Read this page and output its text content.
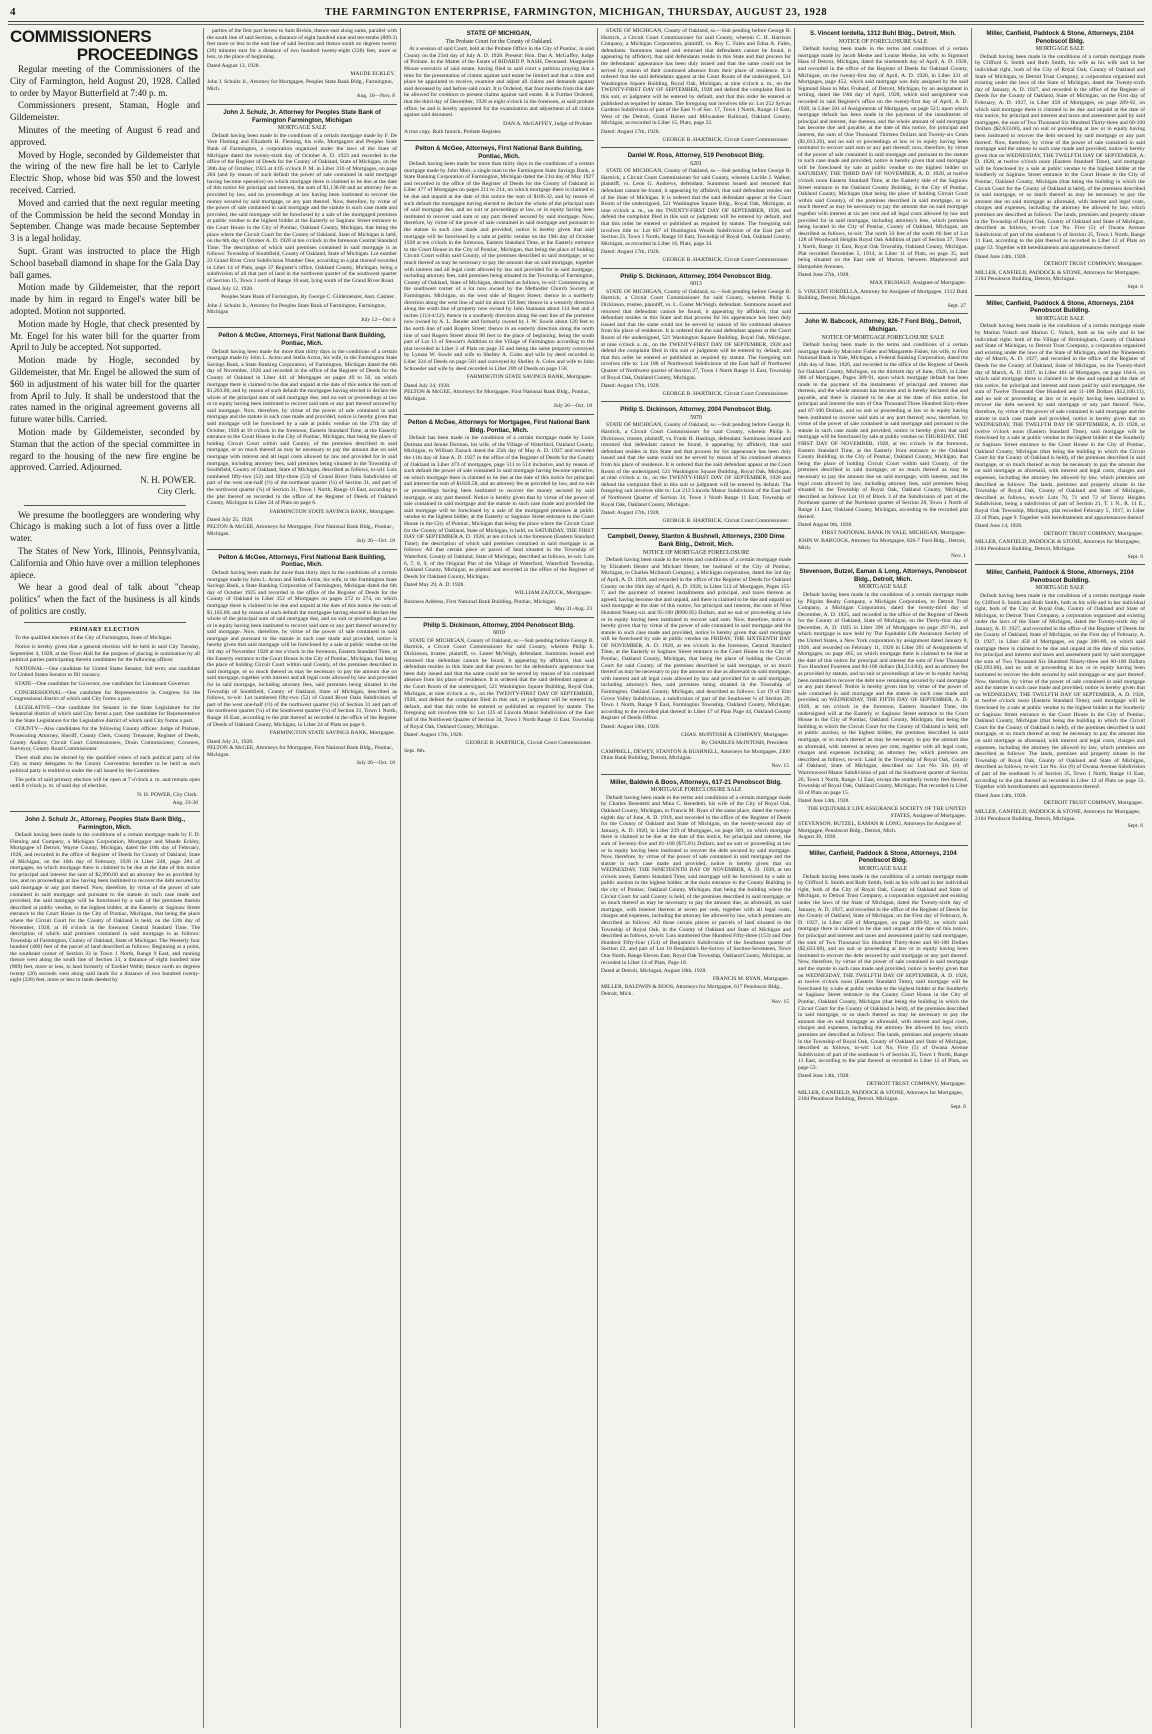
4	THE FARMINGTON ENTERPRISE, FARMINGTON, MICHIGAN, THURSDAY, AUGUST 23, 1928
COMMISSIONERS
PROCEEDINGS

Regular meeting of the Commissioners of the City of Farmington, held August 20, 1928. Called to order by Mayor Butterfield at 7:40 p. m.

Commissioners present, Staman, Hogle and Gildemeister.

Minutes of the meeting of August 6 read and approved.

Moved by Hogle, seconded by Gildemeister that the wiring of the new fire hall be let to Carlyle Electric Shop, whose bid was $50 and the lowest received. Carried.

Moved and carried that the next regular meeting of the Commission be held the second Monday in September. Change was made because September 3 is a legal holiday.

Supt. Grant was instructed to place the High School baseball diamond in shape for the Gala Day ball games.

Motion made by Gildemeister, that the report made by him in regard to Engel's water bill be adopted. Motion not supported.

Motion made by Hogle, that check presented by Mr. Engel for his water bill for the quarter from April to July be accepted. Not supported.

Motion made by Hogle, seconded by Gildemeister, that Mr. Engel be allowed the sum of $60 in adjustment of his water bill for the quarter from April to July. It shall be understood that the rates named in the original agreement governs all future water bills. Carried.

Motion made by Gildemeister, seconded by Staman that the action of the special committee in regard to the housing of the new fire engine be approved. Carried. Adjourned.

N. H. POWER.
City Clerk.

We presume the bootleggers are wondering why Chicago is making such a lot of fuss over a little water.

The States of New York, Illinois, Pennsylvania, California and Ohio have over a million telephones apiece.

We hear a good deal of talk about "cheap politics" when the fact of the business is all kinds of politics are costly.

PRIMARY ELECTION

To the qualified electors of the City of Farmington, State of Michigan.

Notice is hereby given that a general election will be held in said City Tuesday, September 4, 1928, at the Town Hall for the purpose of placing in nomination by all political parties participating therein candidates for the following offices:

NATIONAL—One candidate for United States Senator, full term; one candidate for United States Senator to fill vacancy.

STATE—One candidate for Governor, one candidate for Lieutenant Governor.

CONGRESSIONAL—One candidate for Representative in Congress for the Congressional district of which said City forms a part.

LEGISLATIVE—One candidate for Senator in the State Legislature for the Senatorial district of which said City forms a part. One candidate for Representative in the State Legislature for the Legislative district of which said City forms a part.

COUNTY—Also candidates for the following County offices: Judge of Probate, Prosecuting Attorney, Sheriff, County Clerk, County Treasurer, Register of Deeds, County Auditor, Circuit Court Commissioners, Drain Commissioner, Coroners, Surveyor, County Road Commissioner.

There shall also be elected by the qualified voters of each political party of the City as many delegates to the County Convention hereafter to be held as such political party is entitled to under the call issued by the Committee.

The polls of said primary election will be open at 7 o'clock a. m. and remain open until 8 o'clock p. m. of said day of election.

N. H. POWER, City Clerk.
Aug. 23-30
John J. Schulz Jr., Attorney, Peoples State Bank Bldg., Farmington, Mich.

Default having been made in the conditions of a certain mortgage made by F. D. Fleming and Company, a Michigan Corporation, Mortgagor and Maude Eckley, Mortgagee of Detroit, Wayne County, Michigan, dated the 10th day of February, 1928, and recorded in the office of Register of Deeds for County of Oakland, State of Michigan, on the 16th day of February, 1928 in Liber 248, page 284 of mortgages, on which mortgage there is claimed to be due at the date of this notice for principal and interest the sum of $2,990.60 and an attorney fee as provided by law, and no proceedings at law having been instituted to recover the debt secured by said mortgage or any part thereof. Now, therefore, by virtue of the power of sale contained in said mortgage and pursuant to the statute in such case made and provided, the said mortgage will be foreclosed by a sale of the premises therein described at public vendue, to the highest bidder, at the Easterly or Saginaw Street entrance to the Court House in the City of Pontiac, Michigan, that being the place where the Circuit Court for the County of Oakland is held, on the 12th day of November, 1928, at 10 o'clock in the forenoon Central Standard Time. The description of which said premises contained in said mortgage is as follows: Township of Farmington, County of Oakland, State of Michigan: The Westerly four hundred (400) feet of the parcel of land described as follows: Beginning at a point, the southeast corner of Section 33 in Town 1 North, Range 9 East, and running thence west along the south line of Section 33, a distance of eight hundred nine (809) feet, more or less, to land formerly of Ezekiel Webb; thence north no degrees twenty (20) seconds west along said lands for a distance of two hundred twenty-eight (228) feet, more or less to lands deeded by

parties of the first part hereto to Sam Rivkin, thence east along same, parallel with the south line of said Section, a distance of eight hundred nine and ten-tenths (809.3) feet more or less to the east line of said Section and thence south no degrees twenty (20) minutes east for a distance of two hundred twenty-eight (228) feet, more or less, to the place of beginning.

Dated August 13, 1928.
MAUDE ECKLEY.
John J. Schultz Jr., Attorney for Mortgagee, Peoples State Bank Bldg., Farmington, Mich.
Aug. 16—Nov. 8
John J. Schulz, Jr. Attorney for Peoples State Bank of Farmington Farmington, Michigan
MORTGAGE SALE

Default having been made in the conditions of a certain mortgage made by F. De Vere Fleming and Elizabeth H. Fleming, his wife, Mortgagors and Peoples State Bank of Farmington, a corporation organized under the laws of the State of Michigan dated the twenty-sixth day of October A. D. 1923 and recorded in the office of the Register of Deeds for the County of Oakland, State of Michigan, on the 30th day of October, 1923 at 4:05 o'clock P. M. in Liber 316 of Mortgages, on page 204 (and by reason of such default the power of sale contained in said mortgage having become operative) on which mortgage there is claimed to be due at the date of this notice for principal and interest, the sum of $1,138.60 and an attorney fee as provided by law, and no proceedings at law having been instituted to recover the money secured by said mortgage, or any part thereof. Now, therefore, by virtue of the power of sale contained in said mortgage and the statute in such case made and provided, the said mortgage will be foreclosed by a sale of the mortgaged premises at public vendue to the highest bidder at the Easterly or Saginaw Street entrance to the Court House in the City of Pontiac, Oakland County, Michigan, that being the place where the Circuit Court for the County of Oakland, State of Michigan is held, on the 6th day of October A. D. 1928 at ten o'clock in the forenoon Central Standard Time. The description of which said premises contained in said mortgage is as follows: Township of Southfield, County of Oakland, State of Michigan. Lot number 23 Grand River Crest Subdivision Number One, according to a plat thereof recorded in Liber 14 of Plats, page 37 Register's office, Oakland County, Michigan, being a subdivision of all that part of land in the northwest quarter of the southwest quarter of Section 15, Town 1 north of Range 10 east, lying south of the Grand River Road.

Dated July 12, 1928.
Peoples State Bank of Farmington, By George C. Gildemeister, Asst. Cashier.
John J. Schultz Jr., Attorney for Peoples State Bank of Farmington, Farmington, Michigan
July 12—Oct 4
Pelton & McGee, Attorneys, First National Bank Building, Pontiac, Mich.

Default having been made for more than thirty days in the conditions of a certain mortgage made by John L. Acton and Stella Acton, his wife, to the Farmington State Savings Bank, a State Banking Corporation, of Farmington, Michigan dated the 6th day of November, 1926 and recorded in the office of the Register of Deeds for the County of Oakland in Liber 441 of Mortgages on pages 49 to 50, on which mortgage there is claimed to be due and unpaid at the date of this notice the sum of $1,203.00, and by reason of such default the mortgagee having elected to declare the whole of the principal sum of said mortgage due, and no suit or proceedings at law or in equity having been instituted to recover said sum or any part thereof secured by said mortgage. Now, therefore, by virtue of the power of sale contained in said mortgage and the statute in such case made and provided, notice is hereby given that said mortgage will be foreclosed by a sale at public vendue on the 27th day of October, 1928 at 10 o'clock in the forenoon, Eastern Standard Time, at the Easterly entrance to the Court House in the City of Pontiac, Michigan, that being the place of holding Circuit Court within said County, of the premises described in said mortgage, or so much thereof as may be necessary to pay the amount due on said mortgage with interest and all legal costs allowed by law and provided for in said mortgage, including attorney fees, said premises being situated in the Township of Southfield, County of Oakland, State of Michigan, described as follows, to-wit: Lots numbered fifty-two (52) and fifty-three (53) of Grand River Oaks Subdivision of part of the west one-half (½) of the northeast quarter (¼) of Section 31, and part of the northwest quarter (¼) of Section 31, Town 1 North, Range 10 East, according to the plat thereof as recorded in the office of the Register of Deeds of Oakland County, Michigan in Liber 24 of Plats on page 6.

FARMINGTON STATE SAVINGS BANK, Mortgagee.
Dated July 25, 1928.
PELTON & McGEE, Attorneys for Mortgagee, First National Bank Bldg., Pontiac, Michigan.
July 26—Oct. 18
Pelton & McGee, Attorneys, First National Bank Building, Pontiac, Mich.

Default having been made for more than thirty days in the conditions of a certain mortgage made by John L. Acton and Stella Acton, his wife, to the Farmington State Savings Bank, a State Banking Corporation of Farmington, Michigan dated the 6th day of October 1925 and recorded in the office of the Register of Deeds for the County of Oakland in Liber 352 of Mortgages on pages 272 to 274, on which mortgage there is claimed to be due and unpaid at the date of this notice the sum of $1,105.00, and by reason of such default the mortgagee having elected to declare the whole of the principal sum of said mortgage due, and no suit or proceedings at law or in equity having been instituted to recover said sum or any part thereof secured by said mortgage. Now, therefore, by virtue of the power of sale contained in said mortgage and pursuant to the statute in such case made and provided, notice is hereby given that said mortgage will be foreclosed by a sale at public vendue on the 3rd day of November 1928 at ten o'clock in the forenoon, Eastern Standard Time, at the Easterly entrance to the Court House in the City of Pontiac, Michigan, that being the place of holding Circuit Court within said County, of the premises described in said mortgage, or so much thereof as may be necessary to pay the amount due on said mortgage, together with interest and all legal costs allowed by law and provided for in said mortgage, including attorney fees, said premises being situated in the Township of Southfield, County of Oakland, State of Michigan, described as follows, to-wit: Lot numbered fifty-two (52) of Grand River Oaks Subdivision of part of the west one-half (½) of the northwest quarter (¼) of Section 31 and part of the northwest quarter (¼) of the Southwest quarter (¼) of Section 31, Town 1 North, Range 10 East, according to the plat thereof as recorded in the office of the Register of Deeds of Oakland County, Michigan, in Liber 24 of Plats on page 6.

FARMINGTON STATE SAVINGS BANK, Mortgagee.
Dated July 21, 1928.
PELTON & McGEE, Attorneys for Mortgagee, First National Bank Bldg., Pontiac, Michigan.
July 26—Oct. 18
STATE OF MICHIGAN,
The Probate Court for the County of Oakland.

At a session of said Court, held at the Probate Office in the City of Pontiac, in said County on the 23rd day of July A. D. 1928. Present: Hon. Dan A. McGaffey, Judge of Probate. In the Matter of the Estate of RIDARD P. NASH, Deceased. Marguerite Moore executrix of said estate, having filed in said court a petition praying that a time for the presentation of claims against said estate be limited and that a time and place be appointed to receive, examine and adjust all claims and demands against said deceased by and before said court. It is Ordered, that four months from this date be allowed for creditors to present claims against said estate. It is Further Ordered, that the third day of December, 1928 at eight o'clock in the forenoon, at said probate office, be and is hereby appointed for the examination and adjustment of all claims against said deceased.

DAN A. McGAFFEY, Judge of Probate
A true copy. Ruth Inmick, Probate Register.
Pelton & McGee, Attorneys, First National Bank Building, Pontiac, Mich.

Default having been made for more than thirty days in the conditions of a certain mortgage made by John Moir, a single man to the Farmington State Savings Bank, a State Banking Corporation of Farmington, Michigan dated the 21st day of May 1927 and recorded in the office of the Register of Deeds for the County of Oakland in Liber 477 of Mortgages on pages 211 to 214, on which mortgage there is claimed to be due and unpaid at the date of this notice the sum of $166.32, and by reason of such default the mortgagee having elected to declare the whole of the principal sum of said mortgage due, and no suit or proceedings at law, or in equity having been instituted to recover said sum or any part thereof secured by said mortgage. Now, therefore, by virtue of the power of sale contained in said mortgage and pursuant to the statute in such case made and provided, notice is hereby given that said mortgage will be foreclosed by a sale at public vendue on the 19th day of October 1928 at ten o'clock in the forenoon, Eastern Standard Time, at the Easterly entrance to the Court House in the City of Pontiac, Michigan, that being the place of holding Circuit Court within said County, of the premises described in said mortgage, or so much thereof as may be necessary to pay the amount due on said mortgage, together with interest and all legal costs allowed by law and provided for in said mortgage, including attorney fees, said premises being situated in the Township of Farmington, County of Oakland, State of Michigan, described as follows, to-wit: Commencing at the southwest corner of a lot now owned by the Methodist Church Society of Farmington, Michigan, on the west side of Rogers Street; thence in a northerly direction along the west line of said lot about 150 feet; thence in a westerly direction along the south line of property now owned by John Stamann about 114 feet and 4 inches (114-4/12); thence in a southerly direction along the east line of the premises now owned by A. L. Beuder and formerly owned by J. W. Sowle about 120 feet to the north line of said Rogers Street; thence in an easterly direction along the north line of said Rogers Street about 98 feet to the place of beginning, being the south part of Lot 13 of Stewart's Addition to the Village of Farmington according to the plat recorded in Liber 2 of Plats on page 35 and being the same property conveyed by Lyman W. Sowle and wife to Shelley A. Coles and wife by deed recorded in Liber 324 of Deeds on page 581 and conveyed by Shelley A. Coles and wife to John Schroeder and wife by deed recorded in Liber 289 of Deeds on page 158.

FARMINGTON STATE SAVINGS BANK, Mortgagee.
Dated July 24, 1928.
PELTON & McGEE, Attorneys for Mortgagee, First National Bank Bldg., Pontiac, Michigan.
July 26—Oct. 18
Pelton & McGee, Attorneys for Mortgagee, First National Bank Bldg. Pontiac, Mich.

Default has been made in the conditions of a certain mortgage made by Louis Dorman and Jennie Dorman, his wife, of the Village of Waterford, Oakland County, Michigan, to William Zazuck dated the 25th day of May A. D. 1927 and recorded the 11th day of June A. D. 1927 in the office of the Register of Deeds for the County of Oakland in Liber 473 of mortgages, page 511 to 514 inclusive, and by reason of such default the power of sale contained in said mortgage having become operative, on which mortgage there is claimed to be due at the date of this notice for principal and interest the sum of $1826.58, and an attorney fee as provided by law, and no suit or proceedings having been instituted to recover the money secured by said mortgage, or any part thereof. Notice is hereby given that by virtue of the power of sale contained in said mortgage and the statute in such case made and provided the said mortgage will be foreclosed by a sale of the mortgaged premises at public vendue to the highest bidder, at the Easterly or Saginaw Street entrance to the Court House in the City of Pontiac, Michigan that being the place where the Circuit Court for the County of Oakland, State of Michigan, is held, on SATURDAY, THE FIRST DAY OF SEPTEMBER A. D. 1928, at ten o'clock in the forenoon (Eastern Standard Time); the description of which said premises contained in said mortgage is as follows: All that certain piece or parcel of land situated in the Township of Waterford, County of Oakland, State of Michigan, described as follows, to-wit: Lots 6, 7, 8, 9, of the Original Plat of the Village of Waterford, Waterford Township, Oakland County, Michigan, as platted and recorded in the office of the Register of Deeds for Oakland County, Michigan.

Dated May 29, A. D. 1928.
WILLIAM ZAZUCK, Mortgagee.
Business Address, First National Bank Building, Pontiac, Michigan.
May 31-Aug. 23
Philip S. Dickinson, Attorney, 2004 Penobscot Bldg.
6010

STATE OF MICHIGAN, County of Oakland, ss.—Suit pending before George B. Hartrick, a Circuit Court Commissioner for said County, wherein Philip S. Dickinson, trustee, plaintiff, vs. Lester McVeigh, defendant. Summons issued and returned that defendant cannot be found, it appearing by affidavit, that said defendant resides in this State and that process for the defendant's appearance has been duly issued and that the same could not be served by reason of his continued absence from his place of residence. It is ordered that the said defendant appear at the Court Room of the undersigned, 521 Washington Square Building, Royal Oak, Michigan, at nine o'clock a. m., on the TWENTY-FIRST DAY OF SEPTEMBER, 1928, and defend the complaint filed in this suit, or judgment will be entered by default, and that this order be entered or published as required by statute. The foregoing suit involves title to: Lot 125 of Lincoln Manor Subdivision of the East half of the Northwest Quarter of Section 34, Town 1 North Range 11 East, Township of Royal Oak, Oakland County, Michigan.

Dated: August 17th, 1928.
GEORGE B. HARTRICK, Circuit Court Commissioner.
Sept. 6th.

STATE OF MICHIGAN, County of Oakland, ss.—Suit pending before George B. Hartrick, a Circuit Court Commissioner for said County, wherein C. H. Harrison Company, a Michigan Corporation, plaintiff, vs. Roy C. Fales and Edna A. Fales, defendants. Summons issued and returned that defendants cannot be found, it appearing by affidavit, that said defendants reside in this State and that process for the defendants' appearance has been duly issued and that the same could not be served by reason of their continued absence from their place of residence. It is ordered that the said defendants appear at the Court Room of the undersigned, 521 Washington Square Building, Royal Oak, Michigan, at nine o'clock a. m., on the TWENTY-FIRST DAY OF SEPTEMBER, 1928 and defend the complaint filed in this suit, or judgment will be entered by default, and that this order be entered or published as required by statute. The foregoing suit involves title to: Lot 252 Sylvan Gardens Subdivision of part of the East ½ of Sec. 17, Town 1 North, Range 11 East, West of the Detroit, Grand Haven and Milwaukee Railroad, Oakland County, Michigan, as recorded in Liber 15, Plats, page 22.

Dated: August 17th, 1928.
GEORGE B. HARTRICK, Circuit Court Commissioner.
Daniel W. Ross, Attorney, 519 Penobscot Bldg.
6201

STATE OF MICHIGAN, County of Oakland, ss.—Suit pending before George B. Hartrick, a Circuit Court Commissioner for said County, wherein Lucille J. Walker, plaintiff, vs. Leon G. Andrews, defendant. Summons issued and returned that defendant cannot be found, it appearing by affidavit, that said defendant resides out of the State of Michigan. It is ordered that the said defendant appear at the Court Room of the undersigned, 521 Washington Square Bldg., Royal Oak, Michigan, at nine o'clock a. m., on the TWENTY-FIRST DAY OF SEPTEMBER, 1928, and defend the complaint filed in this suit or judgment will be entered by default, and that this order be entered or published as required by statute. The foregoing suit involves title to: Lot 667 of Huntington Woods Subdivision of the East part of Section 23, Town 1 North, Range 10 East, Township of Royal Oak, Oakland County, Michigan, as recorded in Liber 16, Plats, page 34.

Dated: August 17th, 1928.
GEORGE B. HARTRICK, Circuit Court Commissioner.
Philip S. Dickinson, Attorney, 2004 Penobscot Bldg.
6013

STATE OF MICHIGAN, County of Oakland, ss.—Suit pending before George B. Hartrick, a Circuit Court Commissioner for said County, wherein Philip S. Dickinson, trustee, plaintiff, vs. L. Coster McVeigh, defendant. Summons issued and returned that defendant cannot be found, it appearing by affidavit, that said defendant resides in this State and that process for his appearance has been duly issued and that the same could not be served by reason of his continued absence from his place of residence. It is ordered that the said defendant appear at the Court Room of the undersigned, 521 Washington Square Building, Royal Oak, Michigan, at nine o'clock a. m., on the TWENTY-FIRST DAY OF SEPTEMBER, 1928 and defend the complaint filed in this suit or judgment will be entered by default, and that this order be entered or published as required by statute. The foregoing suit involves title to: Lot 188 of Northwood Subdivision of the East half of Northwest Quarter of Northwest quarter of Section 27, Town 1 North Range 11 East, Township of Royal Oak, Oakland County, Michigan.

Dated: August 17th, 1928.
GEORGE B. HARTRICK, Circuit Court Commissioner.
Philip S. Dickinson, Attorney, 2004 Penobscot Bldg.
5970

STATE OF MICHIGAN, County of Oakland, ss.—Suit pending before George B. Hartrick, a Circuit Court Commissioner for said County, wherein Philip S. Dickinson, trustee, plaintiff, vs. Frank H. Hastings, defendant. Summons issued and returned that defendant cannot be found, it appearing by affidavit, that said defendant resides in this State and that process for his appearance has been duly issued and that the same could not be served by reason of his continued absence from his place of residence. It is ordered that the said defendant appear at the Court Room of the undersigned, 521 Washington Square Building, Royal Oak, Michigan, at nine o'clock a. m., on the TWENTY-FIRST DAY OF SEPTEMBER, 1928 and defend the complaint filed in this suit or judgment will be entered by default. The foregoing suit involves title to: Lot 213 Lincoln Manor Subdivision of the East half of Northwest Quarter of Section 34, Town 1 North Range 11 East, Township of Royal Oak, Oakland County, Michigan.

Dated: August 17th, 1928.
GEORGE B. HARTRICK, Circuit Court Commissioner.
Campbell, Dewey, Stanton & Bushnell, Attorneys, 2300 Dime Bank Bldg., Detroit, Mich.
NOTICE OF MORTGAGE FORECLOSURE

Default having been made in the terms and conditions of a certain mortgage made by Elizabeth Hester and Michael Hester, her husband of the City of Pontiac, Michigan, to Charles McIntosh Company, a Michigan corporation, dated the 3rd day of April, A. D. 1928, and recorded in the office of the Register of Deeds for Oakland County on the 16th day of April, A. D. 1928, in Liber 512 of Mortgages, Pages 155-7, and the payment of interest installments and principal, and taxes thereon as agreed, having become due and unpaid, and there is claimed to be due and unpaid on said mortgage at the date of this notice, for principal and interest, the sum of Nine Hundred Ninety-six and 95-100 ($996.95) Dollars, and no suit or proceeding at law or in equity having been instituted to recover said sum. Now, therefore, notice is hereby given that by virtue of the power of sale contained in said mortgage and the statute in such case made and provided, notice is hereby given that said mortgage will be foreclosed by sale at public vendue on FRIDAY, THE SIXTEENTH DAY OF NOVEMBER, A. D. 1928, at ten o'clock in the forenoon, Central Standard Time, at the Easterly or Saginaw Street entrance to the Court House in the City of Pontiac, Oakland County, Michigan, that being the place of holding the Circuit Court for said County, of the premises described in said mortgage, or so much thereof as may be necessary to pay the amount so due as aforesaid on said mortgage, with interest and all legal costs allowed by law and provided for in said mortgage, including attorney's fees, said premises being situated in the Township of Farmington, Oakland County, Michigan, and described as follows: Lot 19 of Elm Grove Valley Subdivision, a subdivision of part of the Southwest ¼ of Section 29, Town 1 North, Range 9 East, Farmington Township, Oakland County, Michigan, according to the recorded plat thereof in Liber 17 of Plats Page 44, Oakland County Register of Deeds Office.

Dated: August 18th, 1928.
CHAS. McINTOSH & COMPANY, Mortgagee.
By CHARLES McINTOSH, President.
CAMPBELL, DEWEY, STANTON & BUSHNELL, Attorneys for Mortgagee, 2300 Dime Bank Building, Detroit, Michigan.
Nov. 15
Miller, Baldwin & Boos, Attorneys, 617-21 Penobscot Bldg.
MORTGAGE FORECLOSURE SALE

Default having been made in the terms and conditions of a certain mortgage made by Charles Benedetti and Mina C. Benedetti, his wife of the City of Royal Oak, Oakland County, Michigan, to Francis M. Ryan of the same place, dated the twenty-eighth day of June, A. D. 1919, and recorded in the office of the Register of Deeds for the County of Oakland and State of Michigan, on the twenty-second day of January, A. D. 1920, in Liber 239 of Mortgages, on page 309, on which mortgage there is claimed to be due at the date of this notice, for principal and interest, the sum of Seventy-five and 81-100 ($75.81) Dollars, and no suit or proceeding at law or in equity having been instituted to recover the debt secured by said mortgage. Now, therefore, by virtue of the power of sale contained in said mortgage and the statute in such case made and provided, notice is hereby given that on WEDNESDAY, THE NINETEENTH DAY OF NOVEMBER, A. D. 1928, at ten o'clock noon, Eastern Standard Time, said mortgage will be foreclosed by a sale at public auction to the highest bidder, at the main entrance to the County Building in the city of Pontiac, Oakland County, Michigan, that being the building where the Circuit Court for said County is held, of the premises described in said mortgage, or so much thereof as may be necessary to pay the amount due, as aforesaid, on said mortgage, with interest thereon at seven per cent, together with all legal costs, charges and expenses, including the attorney fee allowed by law, which premises are described as follows: All those certain pieces or parcels of land situated in the Township of Royal Oak, in the County of Oakland and State of Michigan and described as follows, to-wit: Lots numbered One Hundred Fifty-three (153) and One Hundred Fifty-four (154) of Benjamin's Subdivision of the Southeast quarter of Section 22, and part of Lot 10 Benjamin's Re-Survey of Section-Seventeen, Town One North, Range Eleven East, Royal Oak Township, Oakland County, Michigan, as recorded in Liber 14 of Plats, Page 18.

Dated at Detroit, Michigan, August 18th, 1928.
FRANCIS M. RYAN, Mortgagee.
MILLER, BALDWIN & BOOS, Attorneys for Mortgagee, 617 Penobscot Bldg., Detroit, Mich.
Nov. 15
S. Vincent Iordella, 1312 Buhl Bldg., Detroit, Mich.
NOTICE OF FORECLOSURE SALE

Default having been made in the terms and conditions of a certain mortgage made by Jacob Meske and Louise Meske, his wife, to Sigmund Hass of Detroit, Michigan, dated the nineteenth day of April, A. D. 1928, and recorded in the office of the Register of Deeds for Oakland County, Michigan, on the twenty-first day of April, A. D. 1928, in Liber 331 of Mortgages, page 452, which said mortgage was duly assigned by the said Sigmund Hass to Max Fruhauf, of Detroit, Michigan, by an assignment in writing, dated the 19th day of April, 1928, which said assignment was recorded in said Register's office on the twenty-first day of April, A. D. 1928, in Liber 501 of Assignments of Mortgages, on page 521; upon which mortgage default has been made in the payment of the instalments of principal and interest, due thereon, and the whole amount of said mortgage has become due and payable, at the date of this notice, for principal and interest, the sum of One Thousand Thirteen Dollars and Twenty-six Cents ($1,013.26), and no suit or proceedings at law or in equity having been instituted to recover said sum or any part thereof; now, therefore, by virtue of the power of sale contained in said mortgage and pursuant to the statute in such case made and provided, notice is hereby given that said mortgage will be foreclosed by sale at public vendue to the highest bidder on SATURDAY, THE THIRD DAY OF NOVEMBER, A. D. 1928, at twelve o'clock noon Eastern Standard Time, at the Easterly side of the Saginaw Street entrance to the Oakland County Building, in the City of Pontiac, Oakland County, Michigan (that being the place of holding Circuit Court within said County), of the premises described in said mortgage, or so much thereof as may be necessary to pay the amount due on said mortgage together with interest at six per cent and all legal costs allowed by law and provided for in said mortgage, including attorney's fees, which premises being located in the City of Pontiac, County of Oakland, Michigan, are described as follows, to-wit: The north 33 feet of the south 66 feet of Lot 128 of Woodward Heights Royal Oak Addition of part of Section 27, Town 1 North, Range 11 East, Royal Oak Township, Oakland County, Michigan. Plat recorded December 5, 1914, in Liber 11 of Plats, on page 35, and being situated on the East side of Morton, between Maplewood and Hampshire Avenues.

Dated June 27th, 1928.
MAX FRUHAUF, Assignee of Mortgagee.
S. VINCENT IORDELLA, Attorney for Assignee of Mortgagee, 1312 Buhl Building, Detroit, Michigan.
Sept. 27
John W. Babcock, Attorney, 826-7 Ford Bldg., Detroit, Michigan.
NOTICE OF MORTGAGE FORECLOSURE SALE

Default having been made in the terms and conditions of a certain mortgage made by Malcolm Fisher and Margarette Fisher, his wife, to First National Bank in Yale, Michigan, a Federal Banking Corporation, dated the 16th day of June, 1926, and recorded in the office of the Register of Deeds for Oakland County, Michigan, on the thirtieth day of June, 1926, in Liber 386 of Mortgages, Pages 389-91, upon which mortgage default has been made in the payment of the instalments of principal and interest due thereon, and the whole amount has become and is hereby declared due and payable, and there is claimed to be due at the date of this notice, for principal and interest the sum of One Thousand Three Hundred Sixty-three and 67-100 Dollars, and no suit or proceeding at law or in equity having been instituted to recover said sum or any part thereof; now, therefore, by virtue of the power of sale contained in said mortgage and pursuant to the statute in such case made and provided, notice is hereby given that said mortgage will be foreclosed by sale at public vendue on THURSDAY, THE FIRST DAY OF NOVEMBER, 1928, at ten o'clock in the forenoon, Eastern Standard Time, at the Easterly front entrance to the Oakland County Building, in the City of Pontiac, Oakland County, Michigan, that being the place of holding Circuit Court within said County, of the premises described in said mortgage, or so much thereof as may be necessary to pay the amount due on said mortgage, with interest, and the legal costs allowed by law, including attorney fees, said premises being situated in the Township of Royal Oak, Oakland County, Michigan, described as follows: Lot 10 of Block 3 of the Subdivision of part of the Northeast quarter of the Northeast quarter of Section 28, Town 1 North of Range 11 East, Oakland County, Michigan, according to the recorded plat thereof.

Dated August 9th, 1928.
FIRST NATIONAL BANK IN YALE, MICHIGAN, Mortgagee.
JOHN W. BABCOCK, Attorney for Mortgagee, 826-7 Ford Bldg., Detroit, Mich.
Nov. 1
Stevenson, Butzel, Eaman & Long, Attorneys, Penobscot Bldg., Detroit, Mich.
MORTGAGE SALE

Default having been made in the conditions of a certain mortgage made by Pilgrim Realty Company, a Michigan Corporation, to Detroit Trust Company, a Michigan Corporation, dated the twenty-third day of December, A. D. 1925, and recorded in the office of the Register of Deeds for the County of Oakland, State of Michigan, on the Thirty-first day of December, A. D. 1925 in Liber 396 of Mortgages on page 297-91, and which mortgage is now held by The Equitable Life Assurance Society of the United States, a New York corporation by assignment dated January 8, 1926, and recorded on February 11, 1926 in Liber 201 of Assignments of Mortgages, on page 465, on which mortgage there is claimed to be due at the date of this notice for principal and interest the sum of Four Thousand Two Hundred Fourteen and 84-100 dollars ($4,214.84), and an attorney fee as provided by statute, and no suit or proceedings at law or in equity having been instituted to recover the debt now remaining secured by said mortgage or any part thereof. Notice is hereby given that by virtue of the power of sale contained in said mortgage and the statute in such case made and provided, on WEDNESDAY, THE FIFTH DAY OF SEPTEMBER, A. D. 1928, at ten o'clock in the forenoon, Eastern Standard Time, the undersigned will at the Easterly or Saginaw Street entrance to the Court House in the City of Pontiac, Oakland County, Michigan, that being the building in which the Circuit Court for the County of Oakland is held, sell at public auction, to the highest bidder, the premises described in said mortgage, or so much thereof as may be necessary to pay the amount due as aforesaid, with interest at seven per cent, together with all legal costs, charges and expenses including an attorney fee, which premises are described as follows, to-wit: Land in the Township of Royal Oak, County of Oakland, State of Michigan, described as: Lot No. Six (6) of Warrenwood Manor Subdivision of part of the Southwest quarter of Section 26, Town 1 North, Range 11 East, except the southerly twenty feet thereof, Township of Royal Oak, Oakland County, Michigan, Plat recorded in Liber 33 of Plats on page 15.

Dated June 14th, 1928.
THE EQUITABLE LIFE ASSURANCE SOCIETY OF THE UNITED STATES, Assignee of Mortgagee.
STEVENSON, BUTZEL, EAMAN & LONG, Attorneys for Assignee of Mortgagee, Penobscot Bldg., Detroit, Mich.
August 30, 1928.
Miller, Canfield, Paddock & Stone, Attorneys, 2104 Penobscot Bldg.
MORTGAGE SALE

Default having been made in the conditions of a certain mortgage made by Clifford S. Smith and Ruth Smith, both as his wife and in her individual right, both of the City of Royal Oak, County of Oakland and State of Michigan, to Detroit Trust Company, a corporation organized and existing under the laws of the State of Michigan, dated the Twenty-sixth day of January, A. D. 1927, and recorded in the office of the Register of Deeds for the County of Oakland, State of Michigan, on the First day of February, A. D. 1927, in Liber 458 of Mortgages, on page 289-92, on which said mortgage there is claimed to be due and unpaid at the date of this notice, for principal and interest and taxes and assessment paid by said mortgagee, the sum of Two Thousand Six Hundred Thirty-three and 60-100 Dollars ($2,633.60), and no suit or proceeding at law or in equity having been instituted to recover the debt secured by said mortgage or any part thereof. Now, therefore, by virtue of the power of sale contained in said mortgage and the statute in such case made and provided, notice is hereby given that on WEDNESDAY, THE TWELFTH DAY OF SEPTEMBER, A. D. 1928, at twelve o'clock noon (Eastern Standard Time), said mortgage will be foreclosed by a sale at public vendue to the highest bidder at the Southerly or Saginaw Street entrance to the County Court House in the City of Pontiac, Oakland County, Michigan (that being the building in which the Circuit Court for the County of Oakland is held), of the premises described in said mortgage, or so much thereof as may be necessary to pay the amount due on said mortgage as aforesaid, with interest and legal costs, charges and expenses, including the attorney fee allowed by law, which premises are described as follows: The lands, premises and property situate in the Township of Royal Oak, County of Oakland and State of Michigan, described as follows, to-wit: Lot No. Five (5) of Owana Avenue Subdivision of part of the southeast ¼ of Section 35, Town 1 North, Range 11 East, according to the plat thereof as recorded in Liber 12 of Plats, on page 53.

Dated June 14th, 1928.
DETROIT TRUST COMPANY, Mortgagee.
MILLER, CANFIELD, PADDOCK & STONE, Attorneys for Mortgagee, 2104 Penobscot Building, Detroit, Michigan.
Sept. 6
Miller, Canfield, Paddock & Stone, Attorneys, 2104 Penobscot Bldg.
MORTGAGE SALE

Default having been made in the conditions of a certain mortgage made by Clifford S. Smith and Ruth Smith, his wife as his wife and in her individual right, both of the City of Royal Oak, County of Oakland and State of Michigan, to Detroit Trust Company, a corporation organized and existing under the laws of the State of Michigan, dated the Twenty-sixth day of January, A. D. 1927, and recorded in the office of the Register of Deeds for the County of Oakland, State of Michigan, on the First day of February, A. D. 1927, in Liber 458 of Mortgages, on page 289-92, on which said mortgage there is claimed to be due and unpaid at the date of this notice, for principal and interest and taxes and assessment paid by said mortgagee, the sum of Two Thousand Six Hundred Thirty-three and 60-100 Dollars ($2,633.60), and no suit or proceeding at law or in equity having been instituted to recover the debt secured by said mortgage or any part thereof. Now, therefore, by virtue of the power of sale contained in said mortgage and the statute in such case made and provided, notice is hereby given that on WEDNESDAY, THE TWELFTH DAY OF SEPTEMBER, A. D. 1928, at twelve o'clock noon (Eastern Standard Time), said mortgage will be foreclosed by a sale at public vendue to the highest bidder at the Southerly or Saginaw Street entrance to the Court House in the City of Pontiac, Oakland County, Michigan (that being the building in which the Circuit Court for the County of Oakland is held), of the premises described in said mortgage, or so much thereof as may be necessary to pay the amount due on said mortgage as aforesaid, with interest and legal costs, charges and expenses, including the attorney fee allowed by law, which premises are described as follows: The lands, premises and property situate in the Township of Royal Oak, County of Oakland and State of Michigan, described as follows, to-wit: Lot No. Five (5) of Owana Avenue Subdivision of part of the southeast ¼ of Section 35, Town 1 North, Range 11 East, according to the plat thereof as recorded in Liber 12 of Plats on page 53. Together with hereditaments and appurtenances thereof.

Dated June 14th, 1928.
DETROIT TRUST COMPANY, Mortgagee.
MILLER, CANFIELD, PADDOCK & STONE, Attorneys for Mortgagee, 2104 Penobscot Building, Detroit, Michigan.
Sept. 6
Miller, Canfield, Paddock & Stone, Attorneys, 2104 Penobscot Building.
MORTGAGE SALE

Default having been made in the conditions of a certain mortgage made by Marion Volsch and Marion C. Volsch, both as his wife and in her individual right; both of the Village of Birmingham, County of Oakland and State of Michigan, to Detroit Trust Company, a corporation organized and existing under the laws of the State of Michigan, dated the Nineteenth day of March, A. D. 1927, and recorded in the office of the Register of Deeds for the County of Oakland, State of Michigan, on the Twenty-third day of March, A. D. 1927, in Liber 461 of Mortgages, on page 164-6, on which said mortgage there is claimed to be due and unpaid at the date of this notice, for principal and interest and taxes paid by said mortgagee, the sum of Twelve Thousand One Hundred and 11-100 Dollars ($12,100.11), and no suit or proceeding at law or in equity having been instituted to recover the debt secured by said mortgage or any part thereof. Now, therefore, by virtue of the power of sale contained in said mortgage and the statute in such case made and provided, notice is hereby given that on WEDNESDAY, THE TWELFTH DAY OF SEPTEMBER, A. D. 1928, at twelve o'clock noon (Eastern Standard Time), said mortgage will be foreclosed by a sale at public vendue to the highest bidder at the Southerly or Saginaw Street entrance to the Court House in the City of Pontiac, Oakland County, Michigan (that being the building in which the Circuit Court for the County of Oakland is held), of the premises described in said mortgage, or so much thereof as may be necessary to pay the amount due on said mortgage as aforesaid, with interest and legal costs, charges and expenses, including the attorney fee allowed by law, which premises are described as follows: The lands, premises and property situate in the Township of Royal Oak, County of Oakland and State of Michigan, described as follows, to-wit: Lots 70, 71 and 72 of Torrey Heights Subdivision, being a subdivision of part of Section 21, T. 1 N., R. 11 E., Royal Oak Township, Michigan, plat recorded February 5, 1917, in Liber 22 of Plats, page 9. Together with hereditaments and appurtenances thereof.

Dated June 14, 1928.
DETROIT TRUST COMPANY, Mortgagee.
MILLER, CANFIELD, PADDOCK & STONE, Attorneys for Mortgagee, 2104 Penobscot Building, Detroit, Michigan.
Sept. 6
Miller, Canfield, Paddock & Stone, Attorneys, 2104 Penobscot Building.
MORTGAGE SALE

Default having been made in the conditions of a certain mortgage made by Clifford S. Smith and Ruth Smith, both as his wife and in her individual right, both of the City of Royal Oak, County of Oakland and State of Michigan, to Detroit Trust Company, a corporation organized and existing under the laws of the State of Michigan, dated the Twenty-sixth day of January, A. D. 1927, and recorded in the office of the Register of Deeds for the County of Oakland, State of Michigan, on the First day of February, A. D. 1927, in Liber 458 of Mortgages, on page 286-89, on which said mortgage there is claimed to be due and unpaid at the date of this notice, for principal and interest and taxes and assessment paid by said mortgagee the sum of Two Thousand Six Hundred Ninety-three and 60-100 Dollars ($2,693.60), and no suit or proceeding at law or in equity having been instituted to recover the debt secured by said mortgage or any part thereof. Now, therefore, by virtue of the power of sale contained in said mortgage and the statute in such case made and provided, notice is hereby given that on WEDNESDAY, THE TWELFTH DAY OF SEPTEMBER, A. D. 1928, at twelve o'clock noon (Eastern Standard Time), said mortgage will be foreclosed by a sale at public vendue to the highest bidder at the Southerly or Saginaw Street entrance to the Court House in the City of Pontiac, Oakland County, Michigan (that being the building in which the Circuit Court for the County of Oakland is held), of the premises described in said mortgage, or so much thereof as may be necessary to pay the amount due on said mortgage as aforesaid, with interest and legal costs, charges and expenses, including the attorney fee allowed by law, which premises are described as follows: The lands, premises and property situate in the Township of Royal Oak, County of Oakland and State of Michigan, described as follows, to-wit: Lot No. Six (6) of Owana Avenue Subdivision of part of the southeast ¼ of Section 35, Town 1 North, Range 11 East, according to the plat thereof as recorded in Liber 12 of Plats on page 53. Together with hereditaments and appurtenances thereof.

Dated June 14th, 1928.
DETROIT TRUST COMPANY, Mortgagee.
MILLER, CANFIELD, PADDOCK & STONE, Attorneys for Mortgagee, 2104 Penobscot Building, Detroit, Michigan.
Sept. 6
